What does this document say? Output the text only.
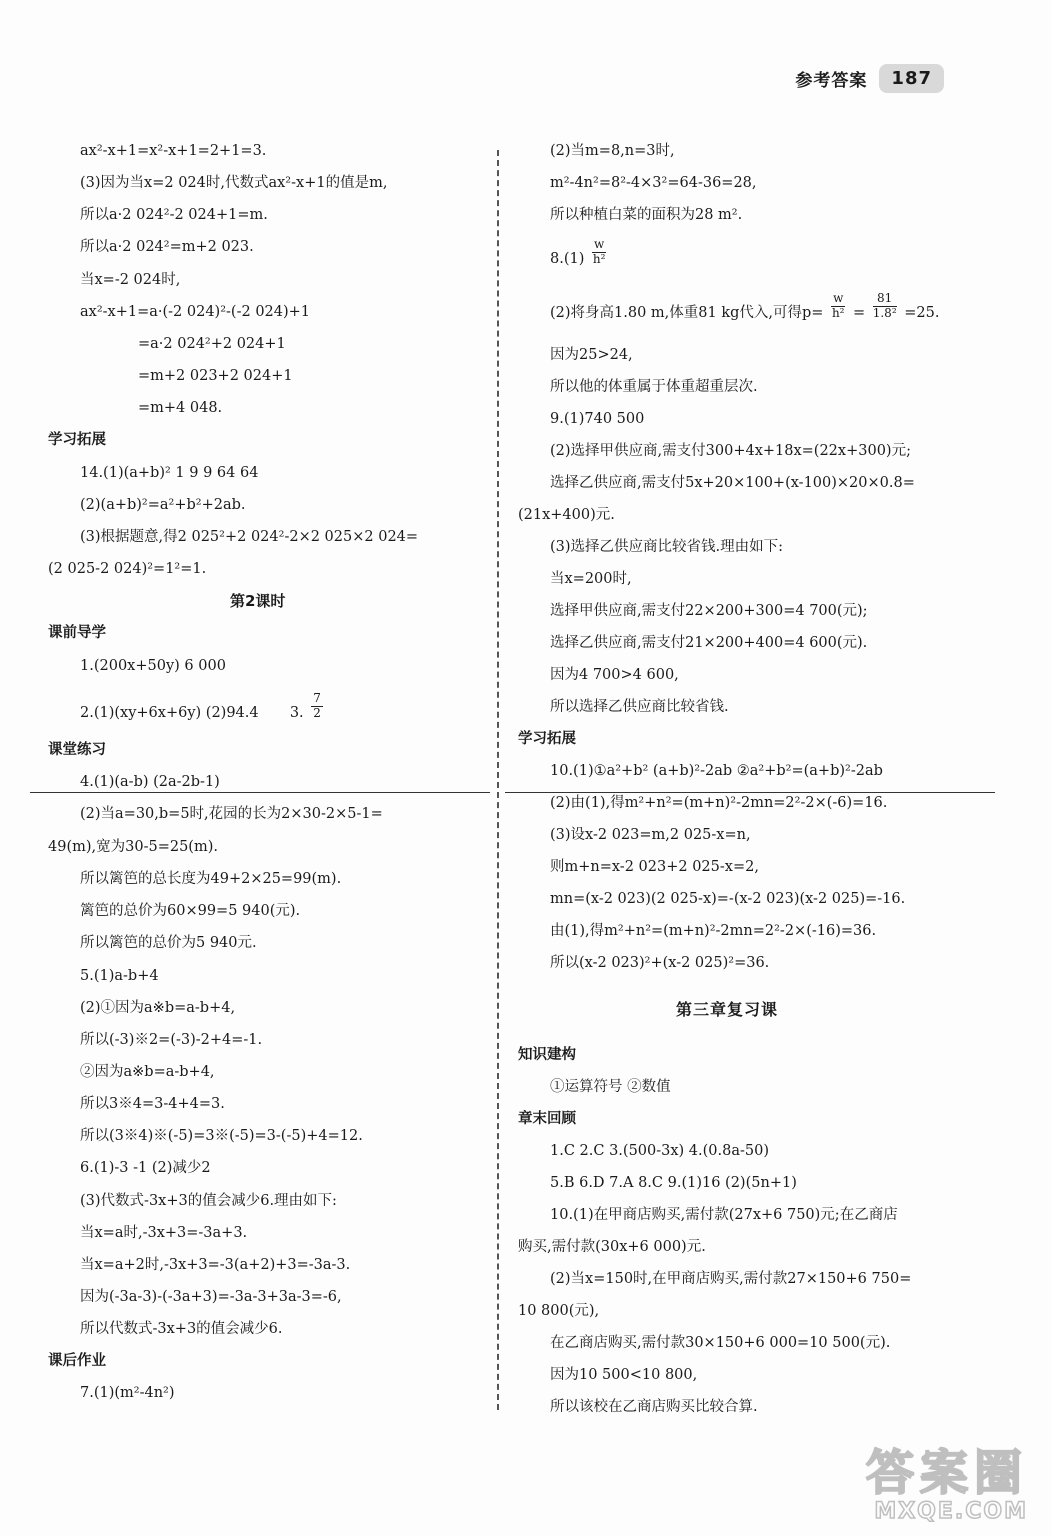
参考答案	187
2.(1)(xy+6x+6y) (2)94.4 3. $\frac{7}{2}$
ax²-x+1=x²-x+1=2+1=3.
(3)因为当x=2 024时,代数式ax²-x+1的值是m,
所以a·2 024²-2 024+1=m.
所以a·2 024²=m+2 023.
当x=-2 024时,
ax²-x+1=a·(-2 024)²-(-2 024)+1
=a·2 024²+2 024+1
=m+2 023+2 024+1
=m+4 048.
学习拓展
14.(1)(a+b)² 1 9 9 64 64
(2)(a+b)²=a²+b²+2ab.
(3)根据题意,得2 025²+2 024²-2×2 025×2 024=
(2 025-2 024)²=1²=1.
第2课时
课前导学
1.(200x+50y) 6 000
课堂练习
4.(1)(a-b) (2a-2b-1)
(2)当a=30,b=5时,花园的长为2×30-2×5-1=
49(m),宽为30-5=25(m).
所以篱笆的总长度为49+2×25=99(m).
篱笆的总价为60×99=5 940(元).
所以篱笆的总价为5 940元.
5.(1)a-b+4
(2)①因为a※b=a-b+4,
所以(-3)※2=(-3)-2+4=-1.
②因为a※b=a-b+4,
所以3※4=3-4+4=3.
所以(3※4)※(-5)=3※(-5)=3-(-5)+4=12.
6.(1)-3 -1 (2)减少2
(3)代数式-3x+3的值会减少6.理由如下:
当x=a时,-3x+3=-3a+3.
当x=a+2时,-3x+3=-3(a+2)+3=-3a-3.
因为(-3a-3)-(-3a+3)=-3a-3+3a-3=-6,
所以代数式-3x+3的值会减少6.
课后作业
7.(1)(m²-4n²)
$8.(1) \frac{w}{\text{h²}}$
(2)将身高1.80 m,体重81 kg代入,可得$p= \frac{w}{\text{h²}} = \frac{81}{\text{1.8²}} =25$.
(2)当m=8,n=3时,
m²-4n²=8²-4×3²=64-36=28,
所以种植白菜的面积为28 m².
因为25>24,
所以他的体重属于体重超重层次.
9.(1)740 500
(2)选择甲供应商,需支付300+4x+18x=(22x+300)元;
选择乙供应商,需支付5x+20×100+(x-100)×20×0.8=
(21x+400)元.
(3)选择乙供应商比较省钱.理由如下:
当x=200时,
选择甲供应商,需支付22×200+300=4 700(元);
选择乙供应商,需支付21×200+400=4 600(元).
因为4 700>4 600,
所以选择乙供应商比较省钱.
学习拓展
10.(1)①a²+b² (a+b)²-2ab ②a²+b²=(a+b)²-2ab
(2)由(1),得m²+n²=(m+n)²-2mn=2²-2×(-6)=16.
(3)设x-2 023=m,2 025-x=n,
则m+n=x-2 023+2 025-x=2,
mn=(x-2 023)(2 025-x)=-(x-2 023)(x-2 025)=-16.
由(1),得m²+n²=(m+n)²-2mn=2²-2×(-16)=36.
所以(x-2 023)²+(x-2 025)²=36.
第三章复习课
知识建构
①运算符号 ②数值
章末回顾
1.C 2.C 3.(500-3x) 4.(0.8a-50)
5.B 6.D 7.A 8.C 9.(1)16 (2)(5n+1)
10.(1)在甲商店购买,需付款(27x+6 750)元;在乙商店
购买,需付款(30x+6 000)元.
(2)当x=150时,在甲商店购买,需付款27×150+6 750=
10 800(元),
在乙商店购买,需付款30×150+6 000=10 500(元).
因为10 500<10 800,
所以该校在乙商店购买比较合算.
答案圈
MXQE.COM
